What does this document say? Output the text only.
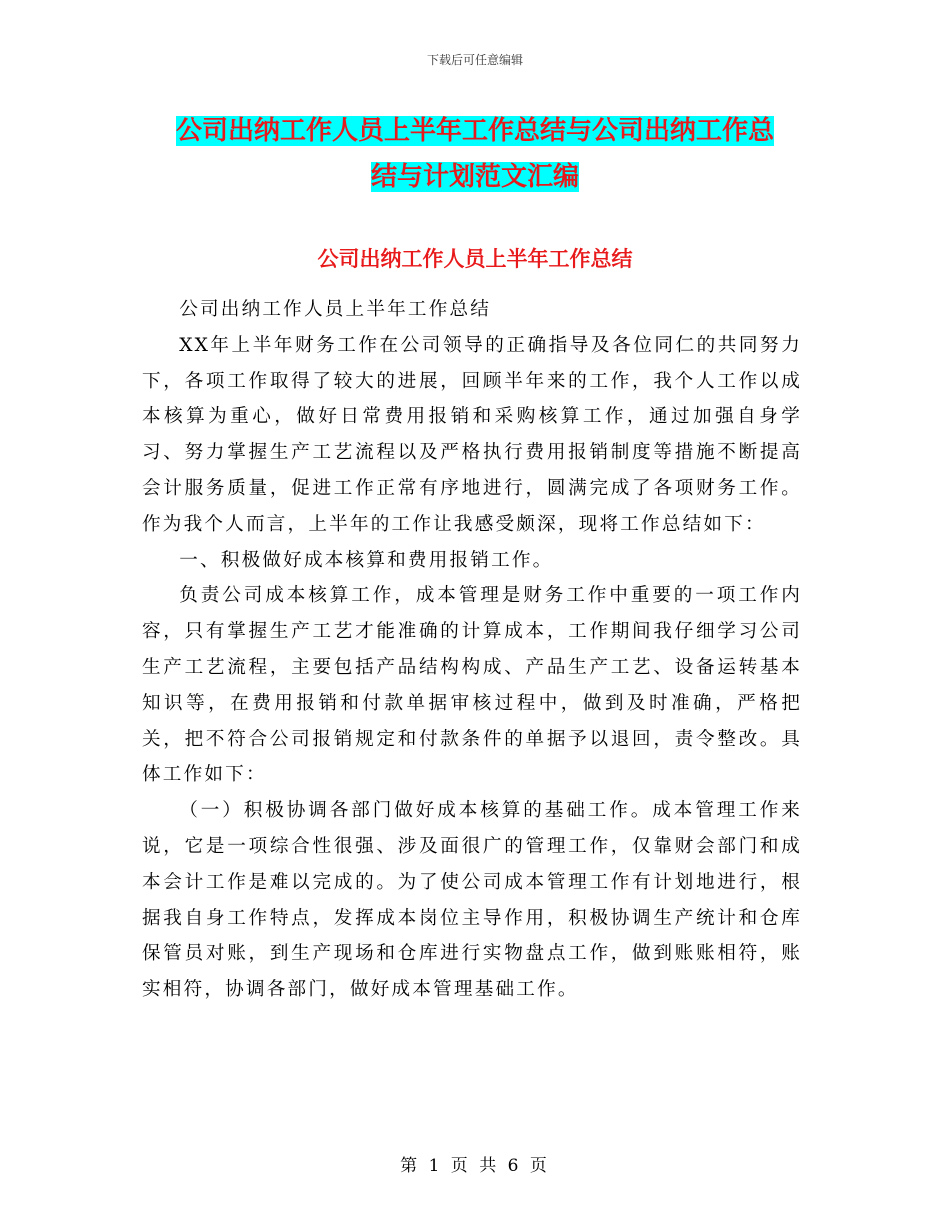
下载后可任意编辑
公司出纳工作人员上半年工作总结与公司出纳工作总
结与计划范文汇编
公司出纳工作人员上半年工作总结

公司出纳工作人员上半年工作总结

XX年上半年财务工作在公司领导的正确指导及各位同仁的共同努力下，各项工作取得了较大的进展，回顾半年来的工作，我个人工作以成本核算为重心，做好日常费用报销和采购核算工作，通过加强自身学习、努力掌握生产工艺流程以及严格执行费用报销制度等措施不断提高会计服务质量，促进工作正常有序地进行，圆满完成了各项财务工作。作为我个人而言，上半年的工作让我感受颇深，现将工作总结如下：

一、积极做好成本核算和费用报销工作。

负责公司成本核算工作，成本管理是财务工作中重要的一项工作内容，只有掌握生产工艺才能准确的计算成本，工作期间我仔细学习公司生产工艺流程，主要包括产品结构构成、产品生产工艺、设备运转基本知识等，在费用报销和付款单据审核过程中，做到及时准确，严格把关，把不符合公司报销规定和付款条件的单据予以退回，责令整改。具体工作如下：

（一）积极协调各部门做好成本核算的基础工作。成本管理工作来说，它是一项综合性很强、涉及面很广的管理工作，仅靠财会部门和成本会计工作是难以完成的。为了使公司成本管理工作有计划地进行，根据我自身工作特点，发挥成本岗位主导作用，积极协调生产统计和仓库保管员对账，到生产现场和仓库进行实物盘点工作，做到账账相符，账实相符，协调各部门，做好成本管理基础工作。

第 1 页 共 6 页
